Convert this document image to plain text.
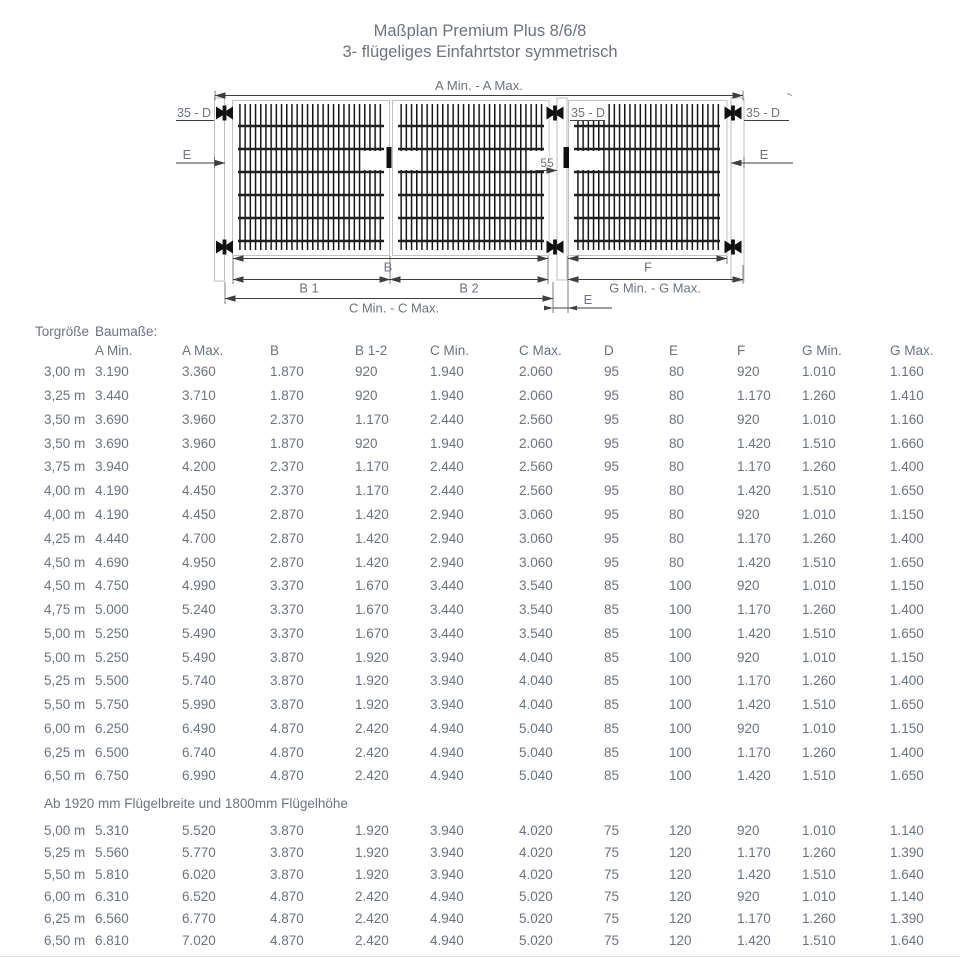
Maßplan Premium Plus 8/6/8
3- flügeliges Einfahrtstor symmetrisch
A Min. - A Max.
35 - D	35 - D	35 - D
E	E
55
B	F
B 1	B 2	G Min. - G Max.
C Min. - C Max.
E
Torgröße Baumaße:
A Min.	A Max.	B	B 1-2	C Min.	C Max.	D	E	F	G Min.	G Max.
3,00 m 3.190	3.360	1.870	920	1.940	2.060	95	80	920	1.010	1.160
3,25 m 3.440	3.710	1.870	920	1.940	2.060	95	80	1.170	1.260	1.410
3,50 m 3.690	3.960	2.370	1.170	2.440	2.560	95	80	920	1.010	1.160
3,50 m 3.690	3.960	1.870	920	1.940	2.060	95	80	1.420	1.510	1.660
3,75 m 3.940	4.200	2.370	1.170	2.440	2.560	95	80	1.170	1.260	1.400
4,00 m 4.190	4.450	2.370	1.170	2.440	2.560	95	80	1.420	1.510	1.650
4,00 m 4.190	4.450	2.870	1.420	2.940	3.060	95	80	920	1.010	1.150
4,25 m 4.440	4.700	2.870	1.420	2.940	3.060	95	80	1.170	1.260	1.400
4,50 m 4.690	4.950	2.870	1.420	2.940	3.060	95	80	1.420	1.510	1.650
4,50 m 4.750	4.990	3.370	1.670	3.440	3.540	85	100	920	1.010	1.150
4,75 m 5.000	5.240	3.370	1.670	3.440	3.540	85	100	1.170	1.260	1.400
5,00 m 5.250	5.490	3.370	1.670	3.440	3.540	85	100	1.420	1.510	1.650
5,00 m 5.250	5.490	3.870	1.920	3.940	4.040	85	100	920	1.010	1.150
5,25 m 5.500	5.740	3.870	1.920	3.940	4.040	85	100	1.170	1.260	1.400
5,50 m 5.750	5.990	3.870	1.920	3.940	4.040	85	100	1.420	1.510	1.650
6,00 m 6.250	6.490	4.870	2.420	4.940	5.040	85	100	920	1.010	1.150
6,25 m 6.500	6.740	4.870	2.420	4.940	5.040	85	100	1.170	1.260	1.400
6,50 m 6.750	6.990	4.870	2.420	4.940	5.040	85	100	1.420	1.510	1.650
Ab 1920 mm Flügelbreite und 1800mm Flügelhöhe
5,00 m 5.310	5.520	3.870	1.920	3.940	4.020	75	120	920	1.010	1.140
5,25 m 5.560	5.770	3.870	1.920	3.940	4.020	75	120	1.170	1.260	1.390
5,50 m 5.810	6.020	3.870	1.920	3.940	4.020	75	120	1.420	1.510	1.640
6,00 m 6.310	6.520	4.870	2.420	4.940	5.020	75	120	920	1.010	1.140
6,25 m 6.560	6.770	4.870	2.420	4.940	5.020	75	120	1.170	1.260	1.390
6,50 m 6.810	7.020	4.870	2.420	4.940	5.020	75	120	1.420	1.510	1.640
